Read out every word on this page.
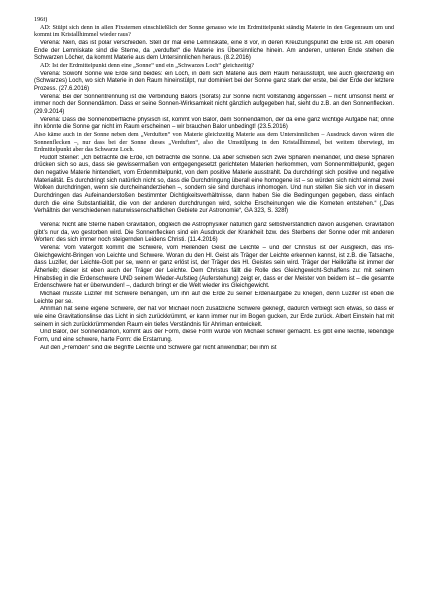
196f)

AD: Stülpt sich denn in allen Fixsternen einschließlich der Sonne genauso wie im Erdmittelpunkt ständig Materie in den Gegenraum um und kommt im Kristallhimmel wieder raus?

Verena: Nein, das ist polar verschieden. Stell dir mal eine Lemniskate, eine 8 vor, in deren Kreuzungspunkt die Erde ist. Am oberen Ende der Lemniskate sind die Sterne, da „verduftet“ die Materie ins Übersinnliche hinein. Am anderen, unteren Ende stehen die Schwarzen Löcher, da kommt Materie aus dem Untersinnlichen heraus. (8.2.2016)

AD: Ist der Erdmittelpunkt denn eine „Sonne“ und ein „Schwarzes Loch“ gleichzeitig?

Verena: Sowohl Sonne wie Erde sind beides: ein Loch, in dem sich Materie aus dem Raum herausstülpt, wie auch gleichzeitig ein (Schwarzes) Loch, wo sich Materie in den Raum hineinstülpt, nur dominiert bei der Sonne ganz stark der erste, bei der Erde der letztere Prozess. (27.6.2016)

Verena: Bei der Sonnentrennung ist die Verbindung Balors (Sorats) zur Sonne nicht vollständig abgerissen – nicht umsonst heißt er immer noch der Sonnendämon. Dass er seine Sonnen-Wirksamkeit nicht gänzlich aufgegeben hat, sieht du z.B. an den Sonnenflecken. (29.9.2014)

Verena: Dass die Sonnenoberfläche physisch ist, kommt von Balor, dem Sonnendämon, der da eine ganz wichtige Aufgabe hat; ohne ihn könnte die Sonne gar nicht im Raum erscheinen – wir brauchen Balor unbedingt! (23.5.2016)

Also käme auch in der Sonne neben dem „Verduften“ von Materie gleichzeitig Materie aus dem Untersinnlichen – Ausdruck davon wären die Sonnenflecken –, nur dass bei der Sonne dieses „Verduften“, also die Umstülpung in den Kristallhimmel, bei weitem überwiegt, im Erdmittelpunkt aber das Schwarze Loch.

Rudolf Steiner: „Ich betrachte die Erde, ich betrachte die Sonne. Da aber schieben sich zwei Sphären ineinander, und diese Sphären drücken sich so aus, dass sie gewissermaßen von entgegengesetzt gerichteten Materien herkommen, vom Sonnenmittelpunkt, gegen den negative Materie hintendiert, vom Erdenmittelpunkt, von dem positive Materie ausstrahlt. Da durchdringt sich positive und negative Materialität. Es durchdringt sich natürlich nicht so, dass die Durchdringung überall eine homogene ist – so würden sich nicht einmal zwei Wolken durchdringen, wenn sie durcheinanderziehen –, sondern sie sind durchaus inhomogen. Und nun stellen Sie sich vor in diesem Durchdringen das Aufeinanderstoßen bestimmter Dichtigkeitsverhältnisse, dann haben Sie die Bedingungen gegeben, dass einfach durch die eine Substantialität, die von der anderen durchdrungen wird, solche Erscheinungen wie die Kometen entstehen.“ („Das Verhältnis der verschiedenen naturwissenschaftlichen Gebiete zur Astronomie“, GA 323, S. 328f)

Verena: Nicht alle Sterne haben Gravitation, obgleich die Astrophysiker natürlich ganz selbstverständlich davon ausgehen. Gravitation gibt’s nur da, wo gestorben wird. Die Sonnenflecken sind ein Ausdruck der Krankheit bzw. des Sterbens der Sonne oder mit anderen Worten: des sich immer noch steigernden Leidens Christi. (11.4.2016)

Verena: Vom Vatergott kommt die Schwere, vom Heilenden Geist die Leichte – und der Christus ist der Ausgleich, das ins-Gleichgewicht-Bringen von Leichte und Schwere. Woran du den Hl. Geist als Träger der Leichte erkennen kannst, ist z.B. die Tatsache, dass Luzifer, der Leichte-Gott per se, wenn er ganz erlöst ist, der Träger des Hl. Geistes sein wird. Träger der Heilkräfte ist immer der Ätherleib; dieser ist eben auch der Träger der Leichte. Dem Christus fällt die Rolle des Gleichgewicht-Schaffens zu: mit seinem Hinabstieg in die Erdenschwere UND seinem Wieder-Aufstieg (Auferstehung) zeigt er, dass er der Meister von beidem ist – die gesamte Erdenschwere hat er überwunden! –, dadurch bringt er die Welt wieder ins Gleichgewicht.

Michael musste Luzifer mit Schwere behängen, um ihn auf die Erde zu seiner Erdenaufgabe zu kriegen, denn Luzifer ist eben die Leichte per se.

Ahriman hat seine eigene Schwere, der hat vor Michael noch zusätzliche Schwere gekriegt, dadurch verbiegt sich etwas, so dass er wie eine Gravitationslinse das Licht in sich zurückkrümmt, er kann immer nur im Bogen gucken, zur Erde zurück. Albert Einstein hat mit seinem in sich zurückkrümmenden Raum ein tiefes Verständnis für Ahriman entwickelt.

Und Balor, der Sonnendämon, kommt aus der Form, diese Form wurde von Michael schwer gemacht. Es gibt eine leichte, lebendige Form, und eine schwere, harte Form: die Erstarrung.

Auf den „Fremden“ sind die Begriffe Leichte und Schwere gar nicht anwendbar; bei ihm ist
